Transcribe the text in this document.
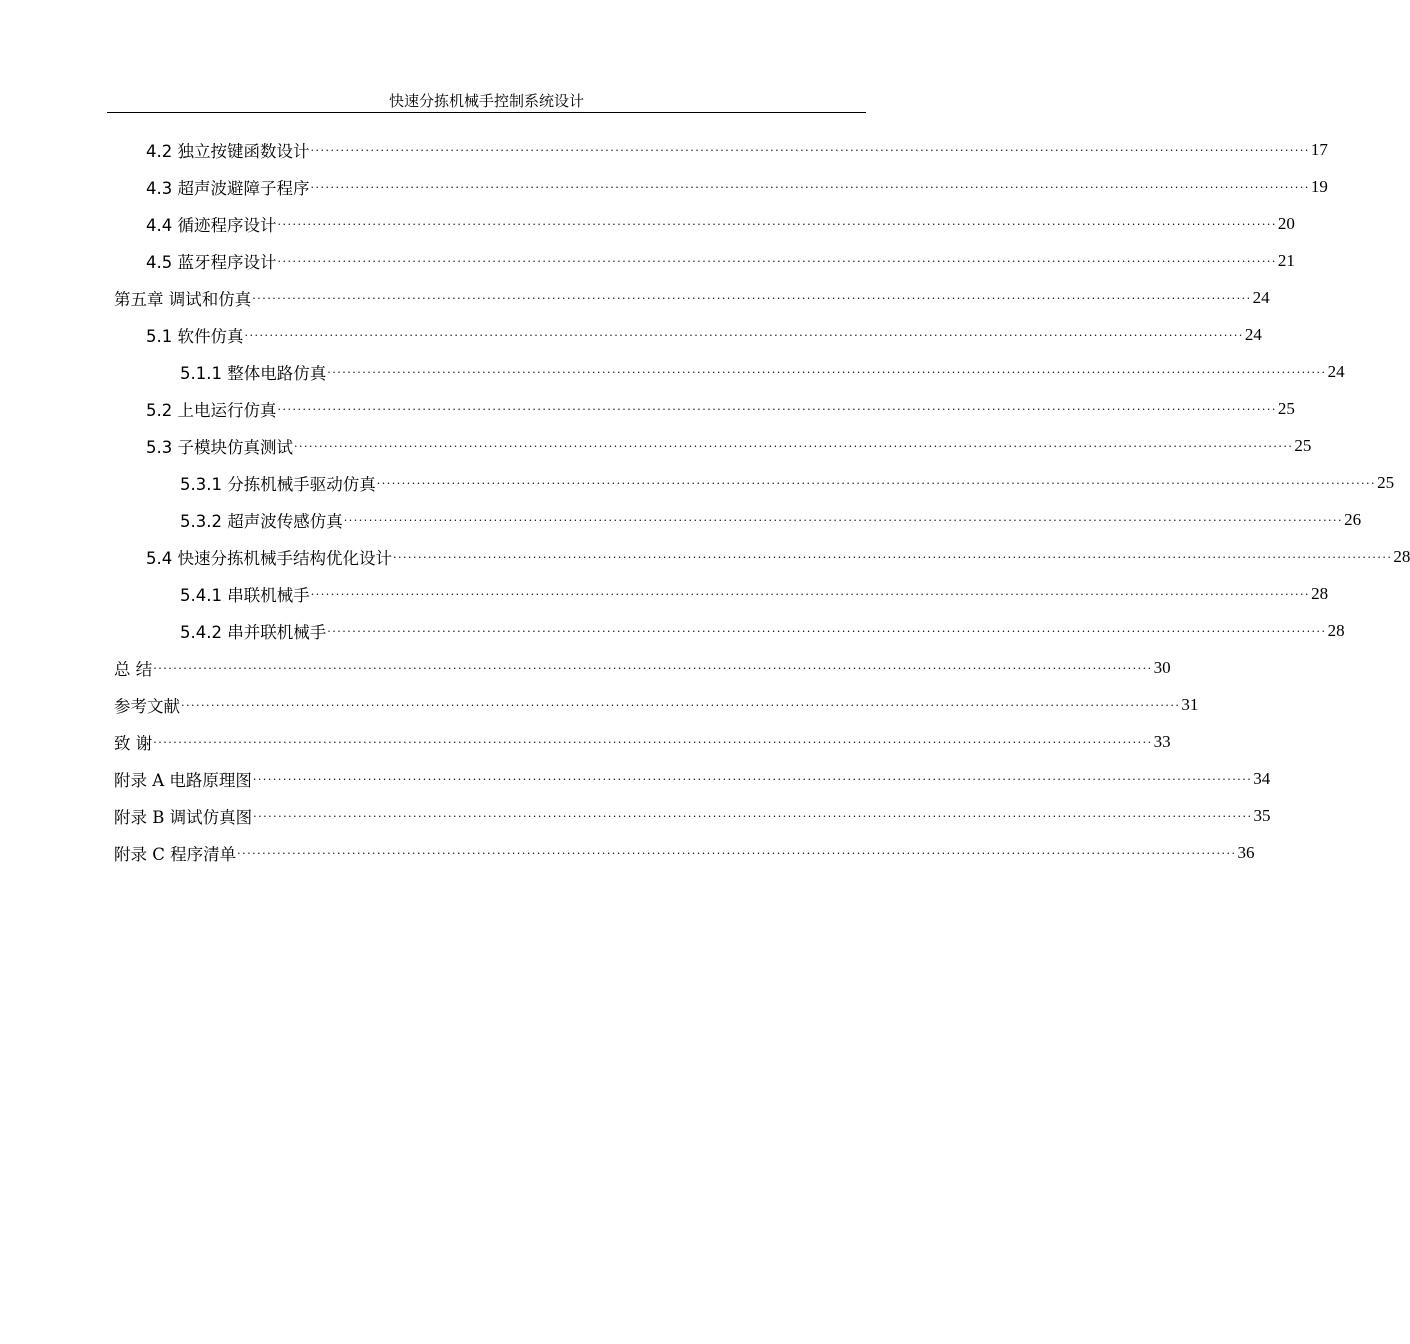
快速分拣机械手控制系统设计
4.2 独立按键函数设计 ········································································································································································································ 17
4.3 超声波避障子程序 ········································································································································································································ 19
4.4 循迹程序设计 ········································································································································································································ 20
4.5 蓝牙程序设计 ········································································································································································································ 21
第五章 调试和仿真 ········································································································································································································ 24
5.1 软件仿真 ········································································································································································································ 24
5.1.1 整体电路仿真 ········································································································································································································ 24
5.2 上电运行仿真 ········································································································································································································ 25
5.3 子模块仿真测试 ········································································································································································································ 25
5.3.1 分拣机械手驱动仿真 ········································································································································································································ 25
5.3.2 超声波传感仿真 ········································································································································································································ 26
5.4 快速分拣机械手结构优化设计 ········································································································································································································ 28
5.4.1 串联机械手 ········································································································································································································ 28
5.4.2 串并联机械手 ········································································································································································································ 28
总 结 ········································································································································································································ 30
参考文献 ········································································································································································································ 31
致 谢 ········································································································································································································ 33
附录 A 电路原理图 ········································································································································································································ 34
附录 B 调试仿真图 ········································································································································································································ 35
附录 C 程序清单 ········································································································································································································ 36
